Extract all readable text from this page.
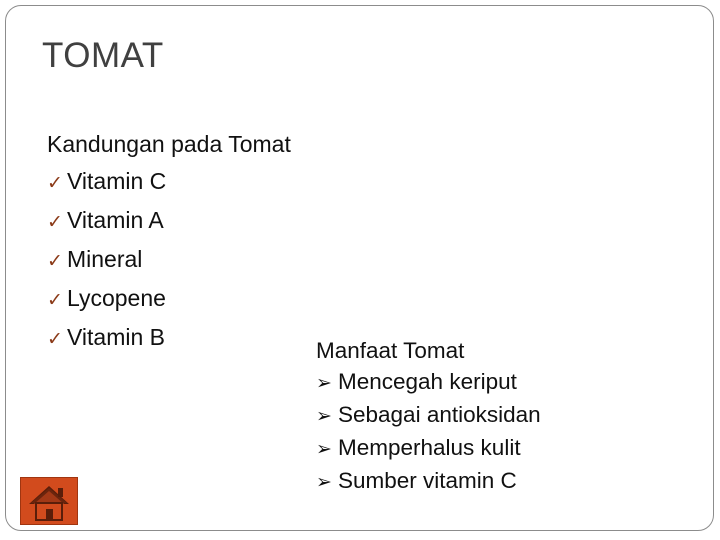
TOMAT
Kandungan pada Tomat
✓ Vitamin C
✓ Vitamin A
✓ Mineral
✓ Lycopene
✓ Vitamin B
Manfaat Tomat
➢ Mencegah keriput
➢ Sebagai antioksidan
➢ Memperhalus kulit
➢ Sumber vitamin C
